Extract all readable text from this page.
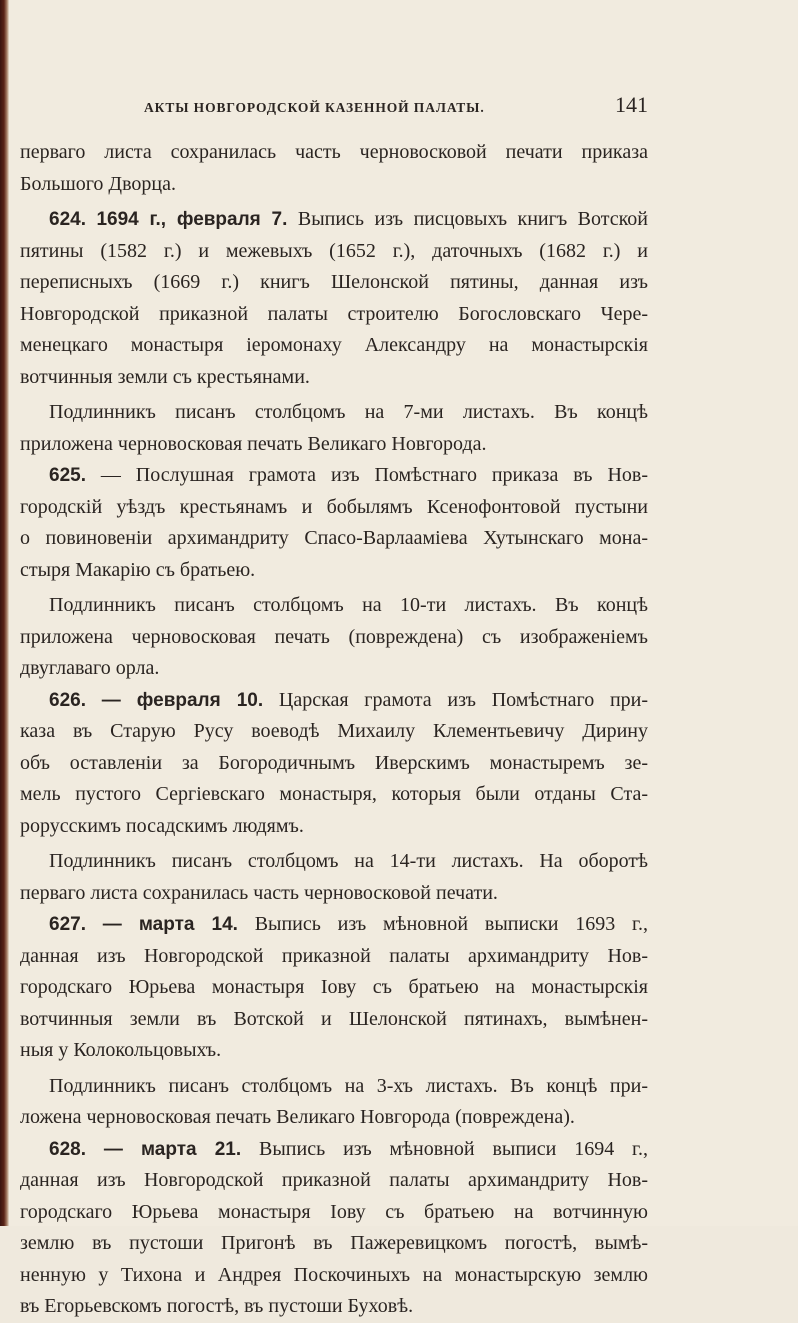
АКТЫ НОВГОРОДСКОЙ КАЗЕННОЙ ПАЛАТЫ.	141
перваго листа сохранилась часть черновосковой печати приказа
Большого Дворца.
624. 1694 г., февраля 7. Выпись изъ писцовыхъ книгъ Вотской
пятины (1582 г.) и межевыхъ (1652 г.), даточныхъ (1682 г.) и
переписныхъ (1669 г.) книгъ Шелонской пятины, данная изъ
Новгородской приказной палаты строителю Богословскаго Чере-
менецкаго монастыря iеромонаху Александру на монастырскiя
вотчинныя земли съ крестьянами.
Подлинникъ писанъ столбцомъ на 7-ми листахъ. Въ концѣ
приложена черновосковая печать Великаго Новгорода.
625. — Послушная грамота изъ Помѣстнаго приказа въ Нов-
городскiй уѣздъ крестьянамъ и бобылямъ Ксенофонтовой пустыни
о повиновенiи архимандриту Спасо-Варлаамiева Хутынскаго мона-
стыря Макарiю съ братьею.
Подлинникъ писанъ столбцомъ на 10-ти листахъ. Въ концѣ
приложена черновосковая печать (повреждена) съ изображенiемъ
двуглаваго орла.
626. — февраля 10. Царская грамота изъ Помѣстнаго при-
каза въ Старую Русу воеводѣ Михаилу Клементьевичу Дирину
объ оставленiи за Богородичнымъ Иверскимъ монастыремъ зе-
мель пустого Сергiевскаго монастыря, которыя были отданы Ста-
рорусскимъ посадскимъ людямъ.
Подлинникъ писанъ столбцомъ на 14-ти листахъ. На оборотѣ
перваго листа сохранилась часть черновосковой печати.
627. — марта 14. Выпись изъ мѣновной выписки 1693 г.,
данная изъ Новгородской приказной палаты архимандриту Нов-
городскаго Юрьева монастыря Iову съ братьею на монастырскiя
вотчинныя земли въ Вотской и Шелонской пятинахъ, вымѣнен-
ныя у Колокольцовыхъ.
Подлинникъ писанъ столбцомъ на 3-хъ листахъ. Въ концѣ при-
ложена черновосковая печать Великаго Новгорода (повреждена).
628. — марта 21. Выпись изъ мѣновной выписи 1694 г.,
данная изъ Новгородской приказной палаты архимандриту Нов-
городскаго Юрьева монастыря Iову съ братьею на вотчинную
землю въ пустоши Пригонѣ въ Пажеревицкомъ погостѣ, вымѣ-
ненную у Тихона и Андрея Поскочиныхъ на монастырскую землю
въ Егорьевскомъ погостѣ, въ пустоши Буховѣ.
